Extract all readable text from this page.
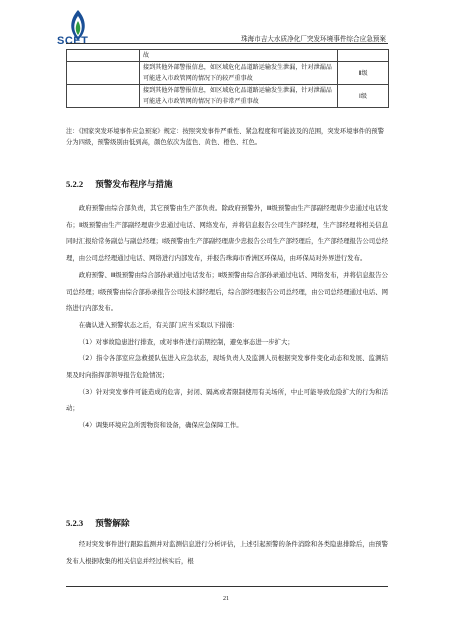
SCET	珠海市吉大水质净化厂突发环境事件综合应急预案
	故	
	接到其他外部警报信息，如区域危化品道路运输发生泄漏，针对泄漏品可能进入市政管网的情况下的较严重事故	Ⅱ级
	接到其他外部警报信息，如区域危化品道路运输发生泄漏，针对泄漏品可能进入市政管网的情况下的非常严重事故	Ⅰ级
注：《国家突发环境事件应急预案》规定：按照突发事件严重性、紧急程度和可能波及的范围，突发环境事件的预警分为四级，预警级别由低到高，颜色依次为蓝色、黄色、橙色、红色。
5.2.2 预警发布程序与措施

政府预警由综合部负责，其它预警由生产部负责。除政府预警外，Ⅲ级预警由生产部副经理唐少忠通过电话发布；Ⅱ级预警由生产部副经理唐少忠通过电话、网络发布，并将信息报告公司生产部经理，生产部经理将相关信息同时汇报给常务副总与副总经理；Ⅰ级预警由生产部副经理唐少忠报告公司生产部经理后，生产部经理报告公司总经理，由公司总经理通过电话、网络进行内部发布，并报告珠海市香洲区环保局，由环保局对外界进行发布。

政府预警、Ⅲ级预警由综合部孙录通过电话发布；Ⅱ级预警由综合部孙录通过电话、网络发布，并将信息报告公司总经理；Ⅰ级预警由综合部孙录报告公司技术部经理后，综合部经理报告公司总经理，由公司总经理通过电话、网络进行内部发布。

在确认进入预警状态之后，有关部门应当采取以下措施：

（1）对事故隐患进行排查，或对事件进行前期控制，避免事态进一步扩大；

（2）指令各部室应急救援队伍进入应急状态，现场负责人及监测人员根据突发事件变化动态和发展、监测结果及时向指挥部领导报告危险情况；

（3）针对突发事件可能造成的危害，封闭、隔离或者限制使用有关场所，中止可能导致危险扩大的行为和活动；

（4）调集环境应急所需物资和设备，确保应急保障工作。

5.2.3 预警解除

经对突发事件进行跟踪监测并对监测信息进行分析评估，上述引起预警的条件消除和各类隐患排除后，由预警发布人根据收集的相关信息并经过核实后，根

21
